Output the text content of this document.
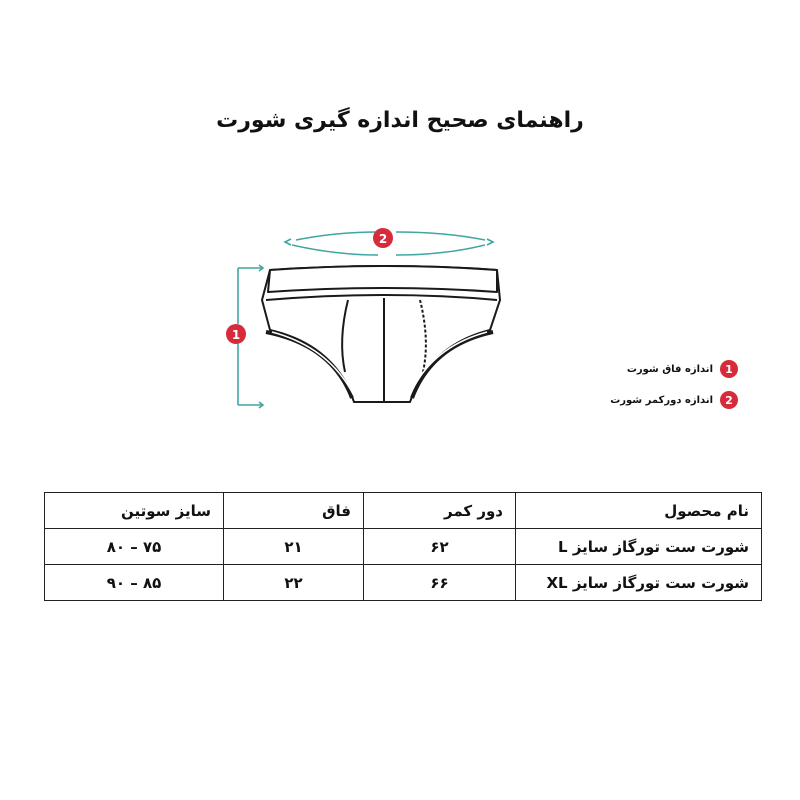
راهنمای صحیح اندازه گیری شورت
2
1
1
اندازه فاق شورت
2
اندازه دورکمر شورت
نام محصول	دور کمر	فاق	سایز سوتین
شورت ست تورگاز سایز L	۶۲	۲۱	۷۵ – ۸۰
شورت ست تورگاز سایز XL	۶۶	۲۲	۸۵ – ۹۰
